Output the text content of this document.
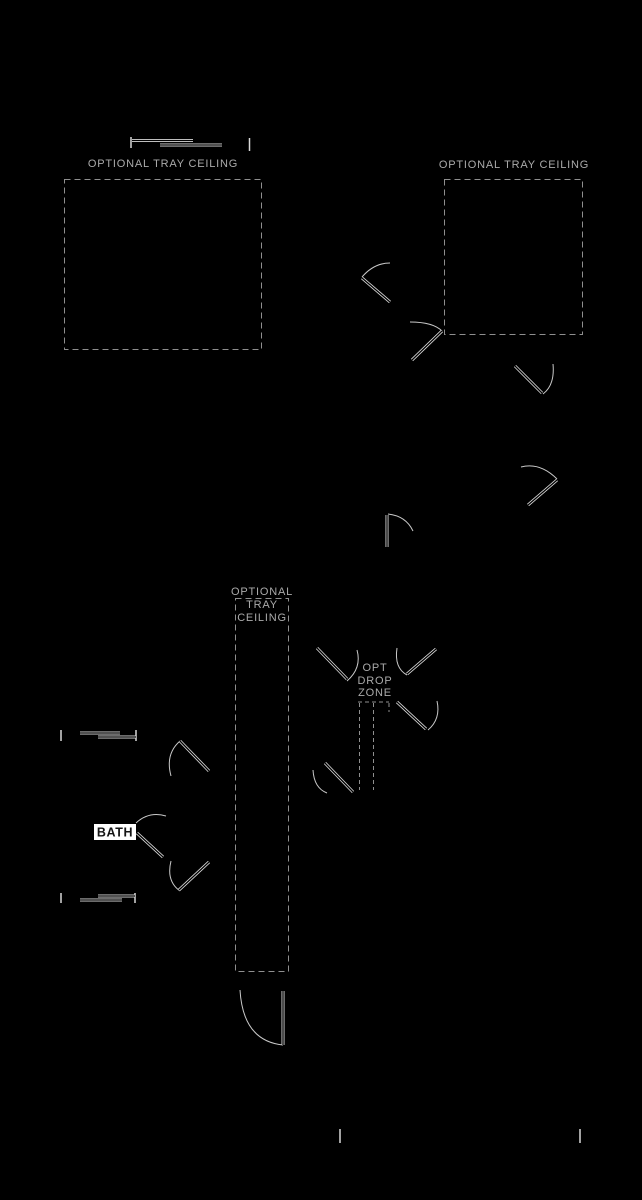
OPTIONAL TRAY CEILING	OPTIONAL TRAY CEILING
OPTIONAL
TRAY
CEILING
OPT
DROP
ZONE
BATH
